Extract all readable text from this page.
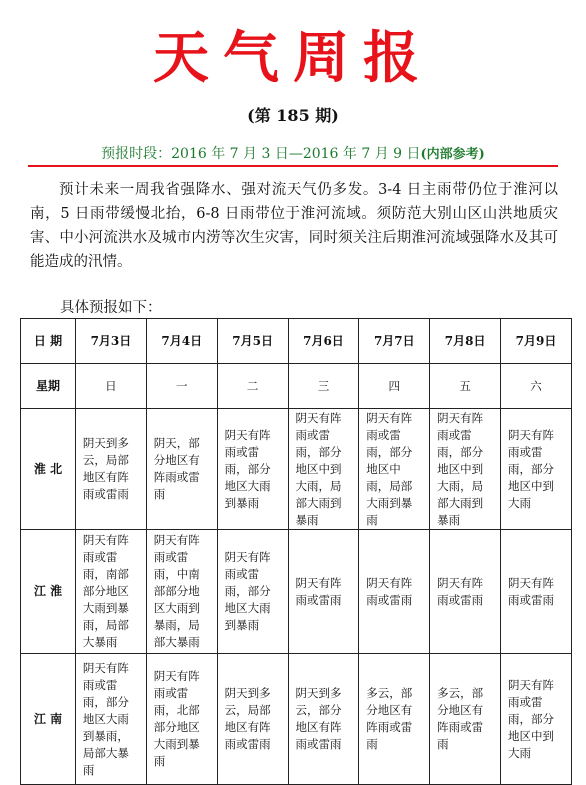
天气周报
(第 185 期)
预报时段：2016 年 7 月 3 日—2016 年 7 月 9 日(内部参考)
预计未来一周我省强降水、强对流天气仍多发。3-4 日主雨带仍位于淮河以南，5 日雨带缓慢北抬，6-8 日雨带位于淮河流域。须防范大别山区山洪地质灾害、中小河流洪水及城市内涝等次生灾害，同时须关注后期淮河流域强降水及其可能造成的汛情。
具体预报如下：
日 期	7月3日	7月4日	7月5日	7月6日	7月7日	7月8日	7月9日
星期	日	一	二	三	四	五	六
淮 北	阴天到多云，局部地区有阵雨或雷雨	阴天，部分地区有阵雨或雷雨	阴天有阵雨或雷雨，部分地区大雨到暴雨	阴天有阵雨或雷雨，部分地区中到大雨，局部大雨到暴雨	阴天有阵雨或雷雨，部分地区中雨，局部大雨到暴雨	阴天有阵雨或雷雨，部分地区中到大雨，局部大雨到暴雨	阴天有阵雨或雷雨，部分地区中到大雨
江 淮	阴天有阵雨或雷雨，南部部分地区大雨到暴雨，局部大暴雨	阴天有阵雨或雷雨，中南部部分地区大雨到暴雨，局部大暴雨	阴天有阵雨或雷雨，部分地区大雨到暴雨	阴天有阵雨或雷雨	阴天有阵雨或雷雨	阴天有阵雨或雷雨	阴天有阵雨或雷雨
江 南	阴天有阵雨或雷雨，部分地区大雨到暴雨，局部大暴雨	阴天有阵雨或雷雨，北部部分地区大雨到暴雨	阴天到多云，局部地区有阵雨或雷雨	阴天到多云，部分地区有阵雨或雷雨	多云，部分地区有阵雨或雷雨	多云，部分地区有阵雨或雷雨	阴天有阵雨或雷雨，部分地区中到大雨
